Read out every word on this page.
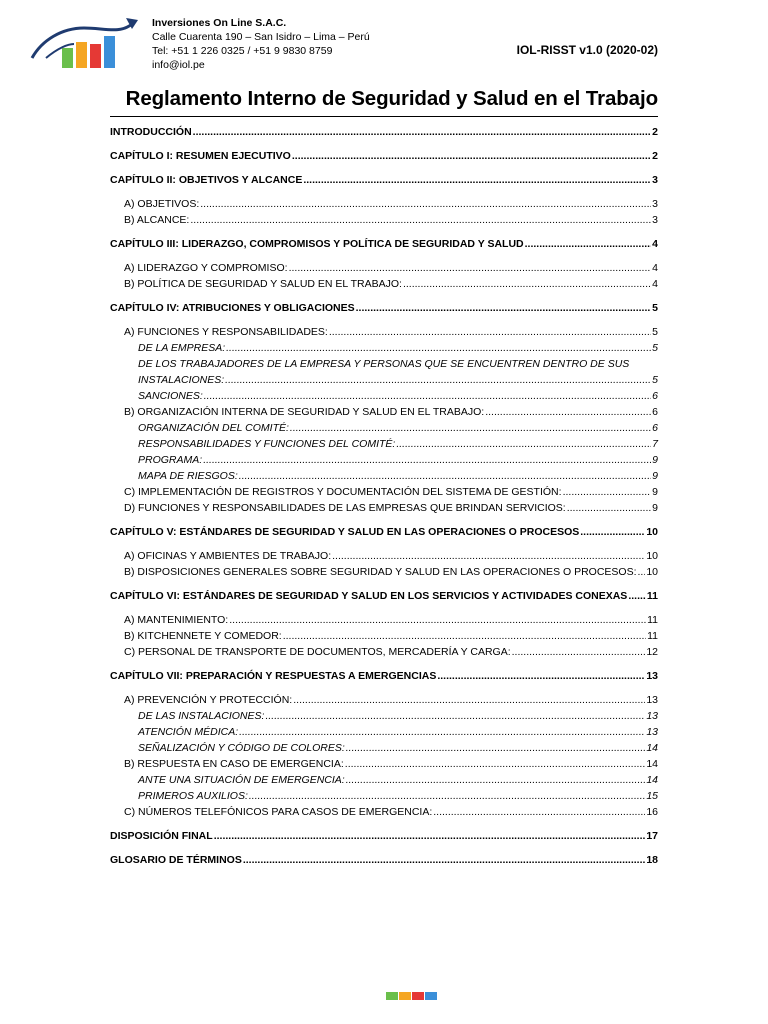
Inversiones On Line S.A.C.
Calle Cuarenta 190 – San Isidro – Lima – Perú
Tel: +51 1 226 0325 / +51 9 9830 8759
info@iol.pe
IOL-RISST v1.0 (2020-02)
Reglamento Interno de Seguridad y Salud en el Trabajo
INTRODUCCIÓN .....	2
CAPÍTULO I: RESUMEN EJECUTIVO .....	2
CAPÍTULO II: OBJETIVOS Y ALCANCE .....	3
A) OBJETIVOS: .....	3
B) ALCANCE: .....	3
CAPÍTULO III: LIDERAZGO, COMPROMISOS Y POLÍTICA DE SEGURIDAD Y SALUD .....	4
A) LIDERAZGO Y COMPROMISO: .....	4
B) POLÍTICA DE SEGURIDAD Y SALUD EN EL TRABAJO: .....	4
CAPÍTULO IV: ATRIBUCIONES Y OBLIGACIONES .....	5
A) FUNCIONES Y RESPONSABILIDADES: .....	5
DE LA EMPRESA: .....	5
DE LOS TRABAJADORES DE LA EMPRESA Y PERSONAS QUE SE ENCUENTREN DENTRO DE SUS
INSTALACIONES: .....	5
SANCIONES: .....	6
B) ORGANIZACIÓN INTERNA DE SEGURIDAD Y SALUD EN EL TRABAJO: .....	6
ORGANIZACIÓN DEL COMITÉ: .....	6
RESPONSABILIDADES Y FUNCIONES DEL COMITÉ: .....	7
PROGRAMA: .....	9
MAPA DE RIESGOS: .....	9
C) IMPLEMENTACIÓN DE REGISTROS Y DOCUMENTACIÓN DEL SISTEMA DE GESTIÓN: .....	9
D) FUNCIONES Y RESPONSABILIDADES DE LAS EMPRESAS QUE BRINDAN SERVICIOS: .....	9
CAPÍTULO V: ESTÁNDARES DE SEGURIDAD Y SALUD EN LAS OPERACIONES O PROCESOS .....	10
A) OFICINAS Y AMBIENTES DE TRABAJO: .....	10
B) DISPOSICIONES GENERALES SOBRE SEGURIDAD Y SALUD EN LAS OPERACIONES O PROCESOS: ..... 10
CAPÍTULO VI: ESTÁNDARES DE SEGURIDAD Y SALUD EN LOS SERVICIOS Y ACTIVIDADES CONEXAS ..... 11
A) MANTENIMIENTO: .....	11
B) KITCHENNETE Y COMEDOR: .....	11
C) PERSONAL DE TRANSPORTE DE DOCUMENTOS, MERCADERÍA Y CARGA: .....	12
CAPÍTULO VII: PREPARACIÓN Y RESPUESTAS A EMERGENCIAS .....	13
A) PREVENCIÓN Y PROTECCIÓN: .....	13
DE LAS INSTALACIONES: .....	13
ATENCIÓN MÉDICA: .....	13
SEÑALIZACIÓN Y CÓDIGO DE COLORES: .....	14
B) RESPUESTA EN CASO DE EMERGENCIA: .....	14
ANTE UNA SITUACIÓN DE EMERGENCIA: .....	14
PRIMEROS AUXILIOS: .....	15
C) NÚMEROS TELEFÓNICOS PARA CASOS DE EMERGENCIA: .....	16
DISPOSICIÓN FINAL .....	17
GLOSARIO DE TÉRMINOS .....	18
